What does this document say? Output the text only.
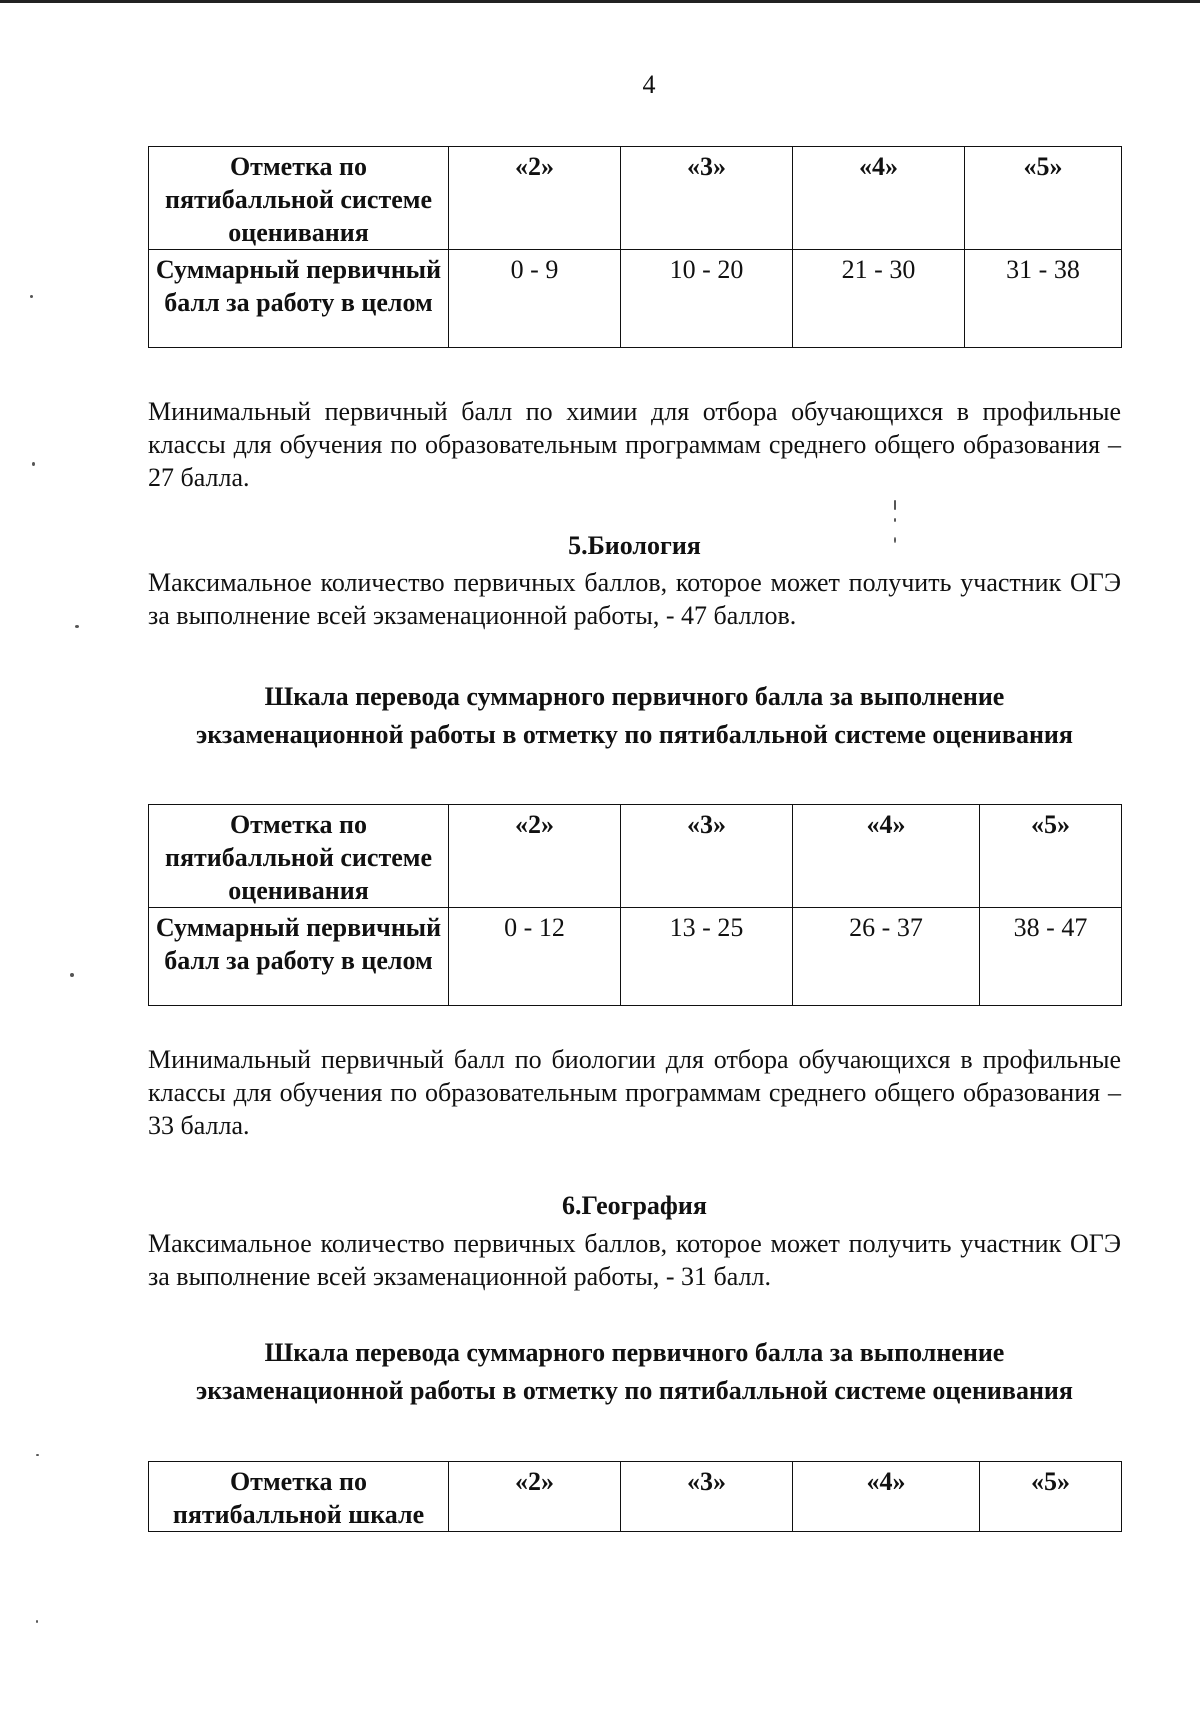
4
Отметка по пятибалльной системе оценивания	«2»	«3»	«4»	«5»
Суммарный первичный балл за работу в целом	0 - 9	10 - 20	21 - 30	31 - 38

Минимальный первичный балл по химии для отбора обучающихся в профильные классы для обучения по образовательным программам среднего общего образования – 27 балла.

5.Биология

Максимальное количество первичных баллов, которое может получить участник ОГЭ за выполнение всей экзаменационной работы, - 47 баллов.

Шкала перевода суммарного первичного балла за выполнение

экзаменационной работы в отметку по пятибалльной системе оценивания

Отметка по пятибалльной системе оценивания	«2»	«3»	«4»	«5»
Суммарный первичный балл за работу в целом	0 - 12	13 - 25	26 - 37	38 - 47

Минимальный первичный балл по биологии для отбора обучающихся в профильные классы для обучения по образовательным программам среднего общего образования – 33 балла.

6.География

Максимальное количество первичных баллов, которое может получить участник ОГЭ за выполнение всей экзаменационной работы, - 31 балл.

Шкала перевода суммарного первичного балла за выполнение

экзаменационной работы в отметку по пятибалльной системе оценивания

Отметка по пятибалльной шкале	«2»	«3»	«4»	«5»
